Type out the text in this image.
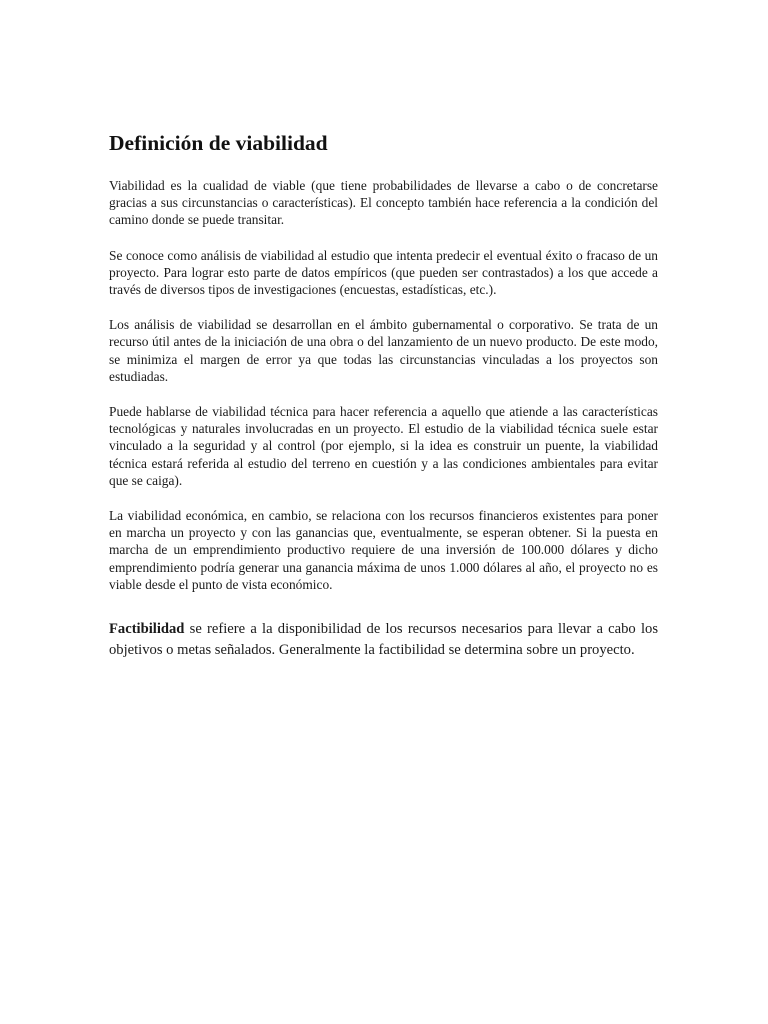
Definición de viabilidad

Viabilidad es la cualidad de viable (que tiene probabilidades de llevarse a cabo o de concretarse gracias a sus circunstancias o características). El concepto también hace referencia a la condición del camino donde se puede transitar.

Se conoce como análisis de viabilidad al estudio que intenta predecir el eventual éxito o fracaso de un proyecto. Para lograr esto parte de datos empíricos (que pueden ser contrastados) a los que accede a través de diversos tipos de investigaciones (encuestas, estadísticas, etc.).

Los análisis de viabilidad se desarrollan en el ámbito gubernamental o corporativo. Se trata de un recurso útil antes de la iniciación de una obra o del lanzamiento de un nuevo producto. De este modo, se minimiza el margen de error ya que todas las circunstancias vinculadas a los proyectos son estudiadas.

Puede hablarse de viabilidad técnica para hacer referencia a aquello que atiende a las características tecnológicas y naturales involucradas en un proyecto. El estudio de la viabilidad técnica suele estar vinculado a la seguridad y al control (por ejemplo, si la idea es construir un puente, la viabilidad técnica estará referida al estudio del terreno en cuestión y a las condiciones ambientales para evitar que se caiga).

La viabilidad económica, en cambio, se relaciona con los recursos financieros existentes para poner en marcha un proyecto y con las ganancias que, eventualmente, se esperan obtener. Si la puesta en marcha de un emprendimiento productivo requiere de una inversión de 100.000 dólares y dicho emprendimiento podría generar una ganancia máxima de unos 1.000 dólares al año, el proyecto no es viable desde el punto de vista económico.

Factibilidad se refiere a la disponibilidad de los recursos necesarios para llevar a cabo los objetivos o metas señalados. Generalmente la factibilidad se determina sobre un proyecto.
